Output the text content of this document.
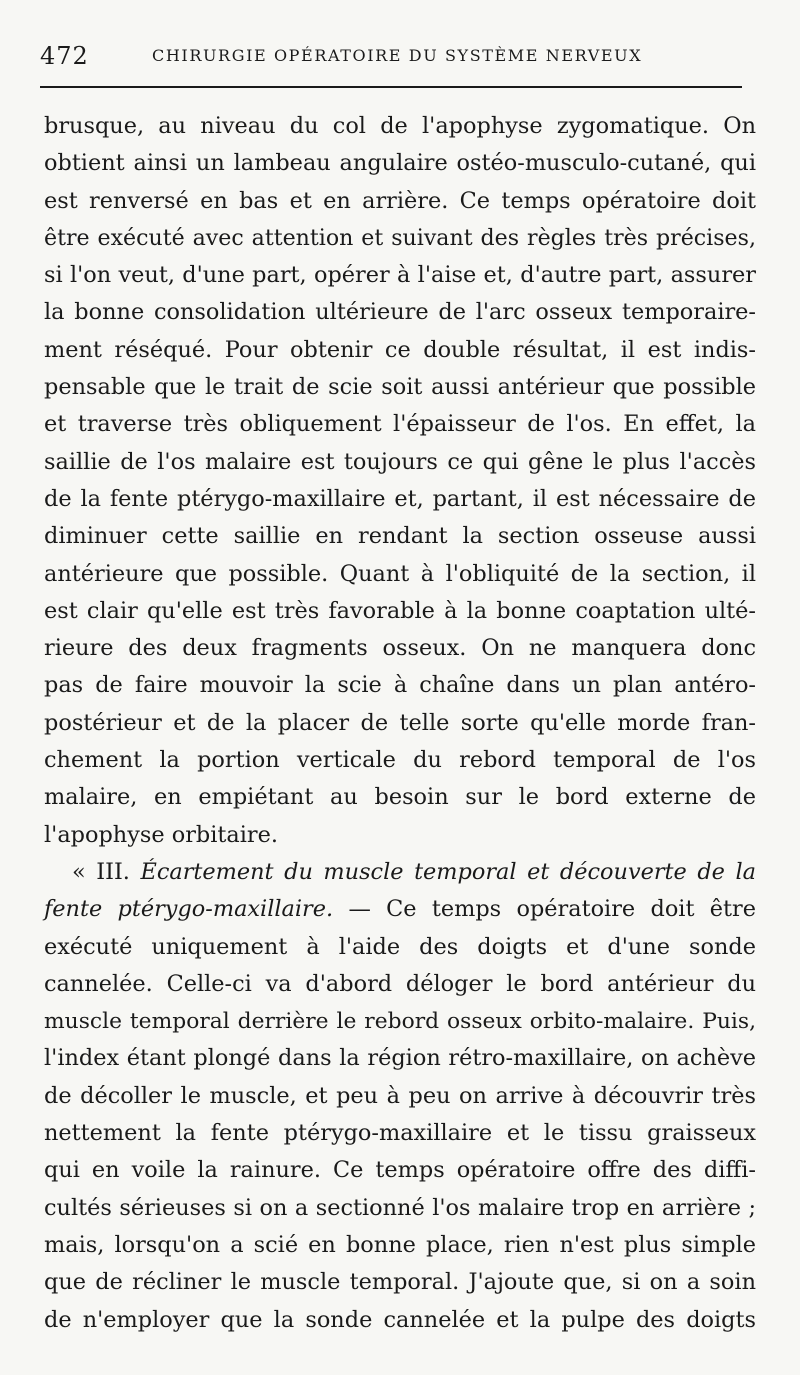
472	CHIRURGIE OPÉRATOIRE DU SYSTÈME NERVEUX
brusque, au niveau du col de l'apophyse zygomatique. On
obtient ainsi un lambeau angulaire ostéo-musculo-cutané, qui
est renversé en bas et en arrière. Ce temps opératoire doit
être exécuté avec attention et suivant des règles très précises,
si l'on veut, d'une part, opérer à l'aise et, d'autre part, assurer
la bonne consolidation ultérieure de l'arc osseux temporaire-
ment réséqué. Pour obtenir ce double résultat, il est indis-
pensable que le trait de scie soit aussi antérieur que possible
et traverse très obliquement l'épaisseur de l'os. En effet, la
saillie de l'os malaire est toujours ce qui gêne le plus l'accès
de la fente ptérygo-maxillaire et, partant, il est nécessaire de
diminuer cette saillie en rendant la section osseuse aussi
antérieure que possible. Quant à l'obliquité de la section, il
est clair qu'elle est très favorable à la bonne coaptation ulté-
rieure des deux fragments osseux. On ne manquera donc
pas de faire mouvoir la scie à chaîne dans un plan antéro-
postérieur et de la placer de telle sorte qu'elle morde fran-
chement la portion verticale du rebord temporal de l'os
malaire, en empiétant au besoin sur le bord externe de
l'apophyse orbitaire.
« III. Écartement du muscle temporal et découverte de la
fente ptérygo-maxillaire. — Ce temps opératoire doit être
exécuté uniquement à l'aide des doigts et d'une sonde
cannelée. Celle-ci va d'abord déloger le bord antérieur du
muscle temporal derrière le rebord osseux orbito-malaire. Puis,
l'index étant plongé dans la région rétro-maxillaire, on achève
de décoller le muscle, et peu à peu on arrive à découvrir très
nettement la fente ptérygo-maxillaire et le tissu graisseux
qui en voile la rainure. Ce temps opératoire offre des diffi-
cultés sérieuses si on a sectionné l'os malaire trop en arrière ;
mais, lorsqu'on a scié en bonne place, rien n'est plus simple
que de récliner le muscle temporal. J'ajoute que, si on a soin
de n'employer que la sonde cannelée et la pulpe des doigts
